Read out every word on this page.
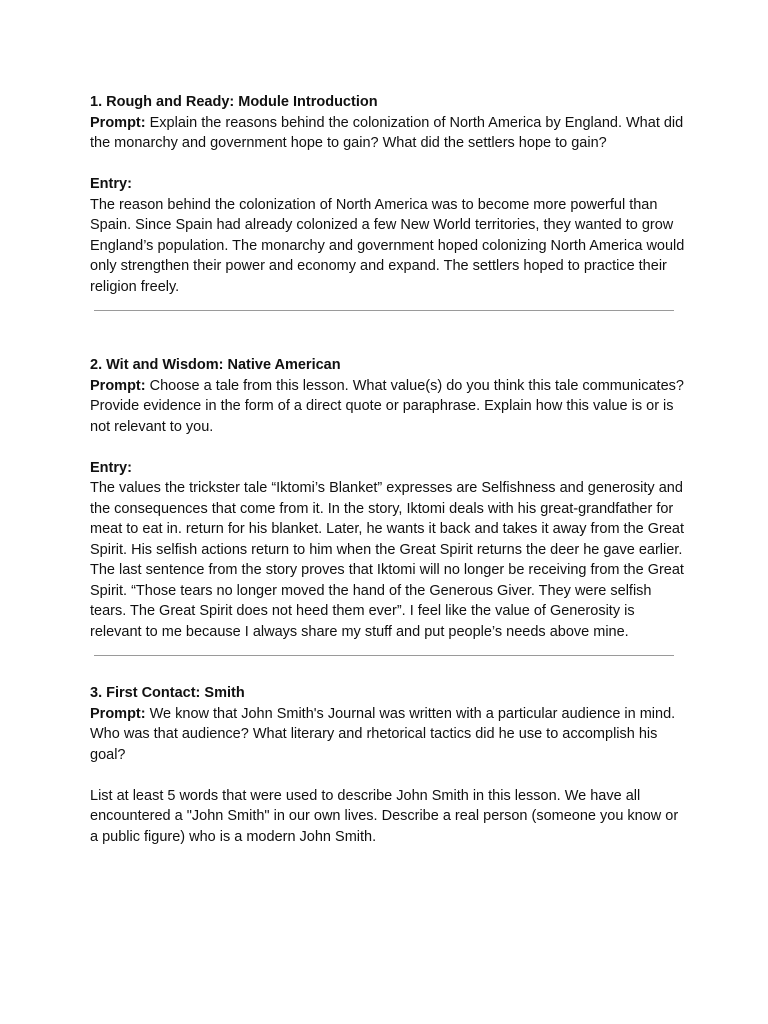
1. Rough and Ready: Module Introduction

Prompt: Explain the reasons behind the colonization of North America by England. What did the monarchy and government hope to gain? What did the settlers hope to gain?

Entry:

The reason behind the colonization of North America was to become more powerful than Spain. Since Spain had already colonized a few New World territories, they wanted to grow England’s population. The monarchy and government hoped colonizing North America would only strengthen their power and economy and expand. The settlers hoped to practice their religion freely.

2. Wit and Wisdom: Native American

Prompt: Choose a tale from this lesson. What value(s) do you think this tale communicates? Provide evidence in the form of a direct quote or paraphrase. Explain how this value is or is not relevant to you.

Entry:

The values the trickster tale “Iktomi’s Blanket” expresses are Selfishness and generosity and the consequences that come from it. In the story, Iktomi deals with his great-grandfather for meat to eat in. return for his blanket. Later, he wants it back and takes it away from the Great Spirit. His selfish actions return to him when the Great Spirit returns the deer he gave earlier. The last sentence from the story proves that Iktomi will no longer be receiving from the Great Spirit. “Those tears no longer moved the hand of the Generous Giver. They were selfish tears. The Great Spirit does not heed them ever”. I feel like the value of Generosity is relevant to me because I always share my stuff and put people’s needs above mine.

3. First Contact: Smith

Prompt: We know that John Smith's Journal was written with a particular audience in mind. Who was that audience? What literary and rhetorical tactics did he use to accomplish his goal?

List at least 5 words that were used to describe John Smith in this lesson. We have all encountered a "John Smith" in our own lives. Describe a real person (someone you know or a public figure) who is a modern John Smith.
